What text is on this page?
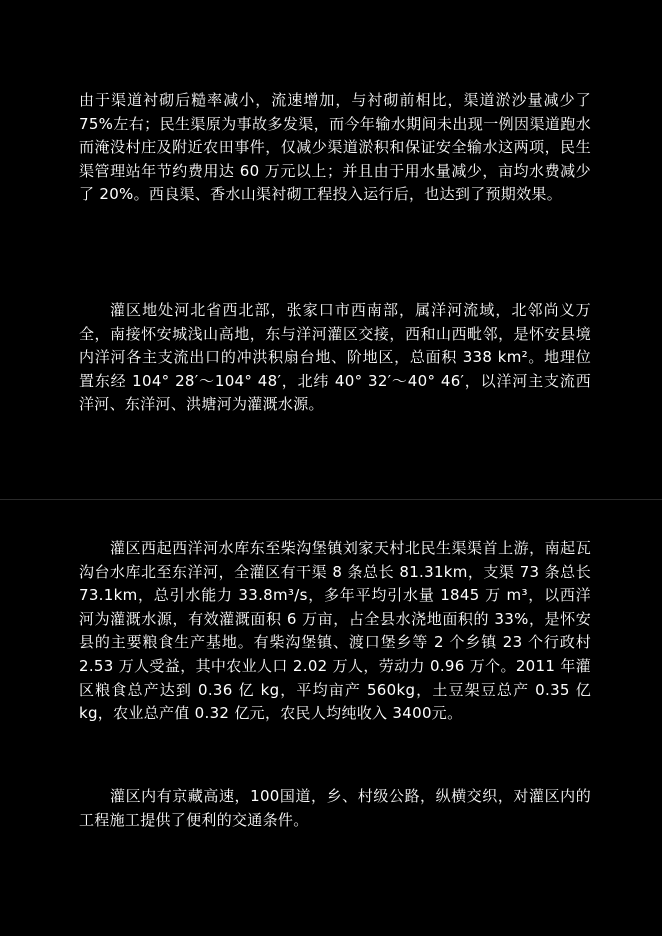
由于渠道衬砌后糙率减小，流速增加，与衬砌前相比，渠道淤沙量减少了75%左右；民生渠原为事故多发渠，而今年输水期间未出现一例因渠道跑水而淹没村庄及附近农田事件，仅减少渠道淤积和保证安全输水这两项，民生渠管理站年节约费用达 60 万元以上；并且由于用水量减少，亩均水费减少了 20%。西良渠、香水山渠衬砌工程投入运行后，也达到了预期效果。

灌区地处河北省西北部，张家口市西南部，属洋河流域，北邻尚义万全，南接怀安城浅山高地，东与洋河灌区交接，西和山西毗邻，是怀安县境内洋河各主支流出口的冲洪积扇台地、阶地区，总面积 338 km²。地理位置东经 104° 28′～104° 48′，北纬 40° 32′～40° 46′，以洋河主支流西洋河、东洋河、洪塘河为灌溉水源。

灌区西起西洋河水库东至柴沟堡镇刘家天村北民生渠渠首上游，南起瓦沟台水库北至东洋河，全灌区有干渠 8 条总长 81.31km，支渠 73 条总长 73.1km，总引水能力 33.8m³/s，多年平均引水量 1845 万 m³，以西洋河为灌溉水源，有效灌溉面积 6 万亩，占全县水浇地面积的 33%，是怀安县的主要粮食生产基地。有柴沟堡镇、渡口堡乡等 2 个乡镇 23 个行政村 2.53 万人受益，其中农业人口 2.02 万人，劳动力 0.96 万个。2011 年灌区粮食总产达到 0.36 亿 kg，平均亩产 560kg，土豆架豆总产 0.35 亿 kg，农业总产值 0.32 亿元，农民人均纯收入 3400元。

灌区内有京藏高速，100国道，乡、村级公路，纵横交织，对灌区内的工程施工提供了便利的交通条件。
